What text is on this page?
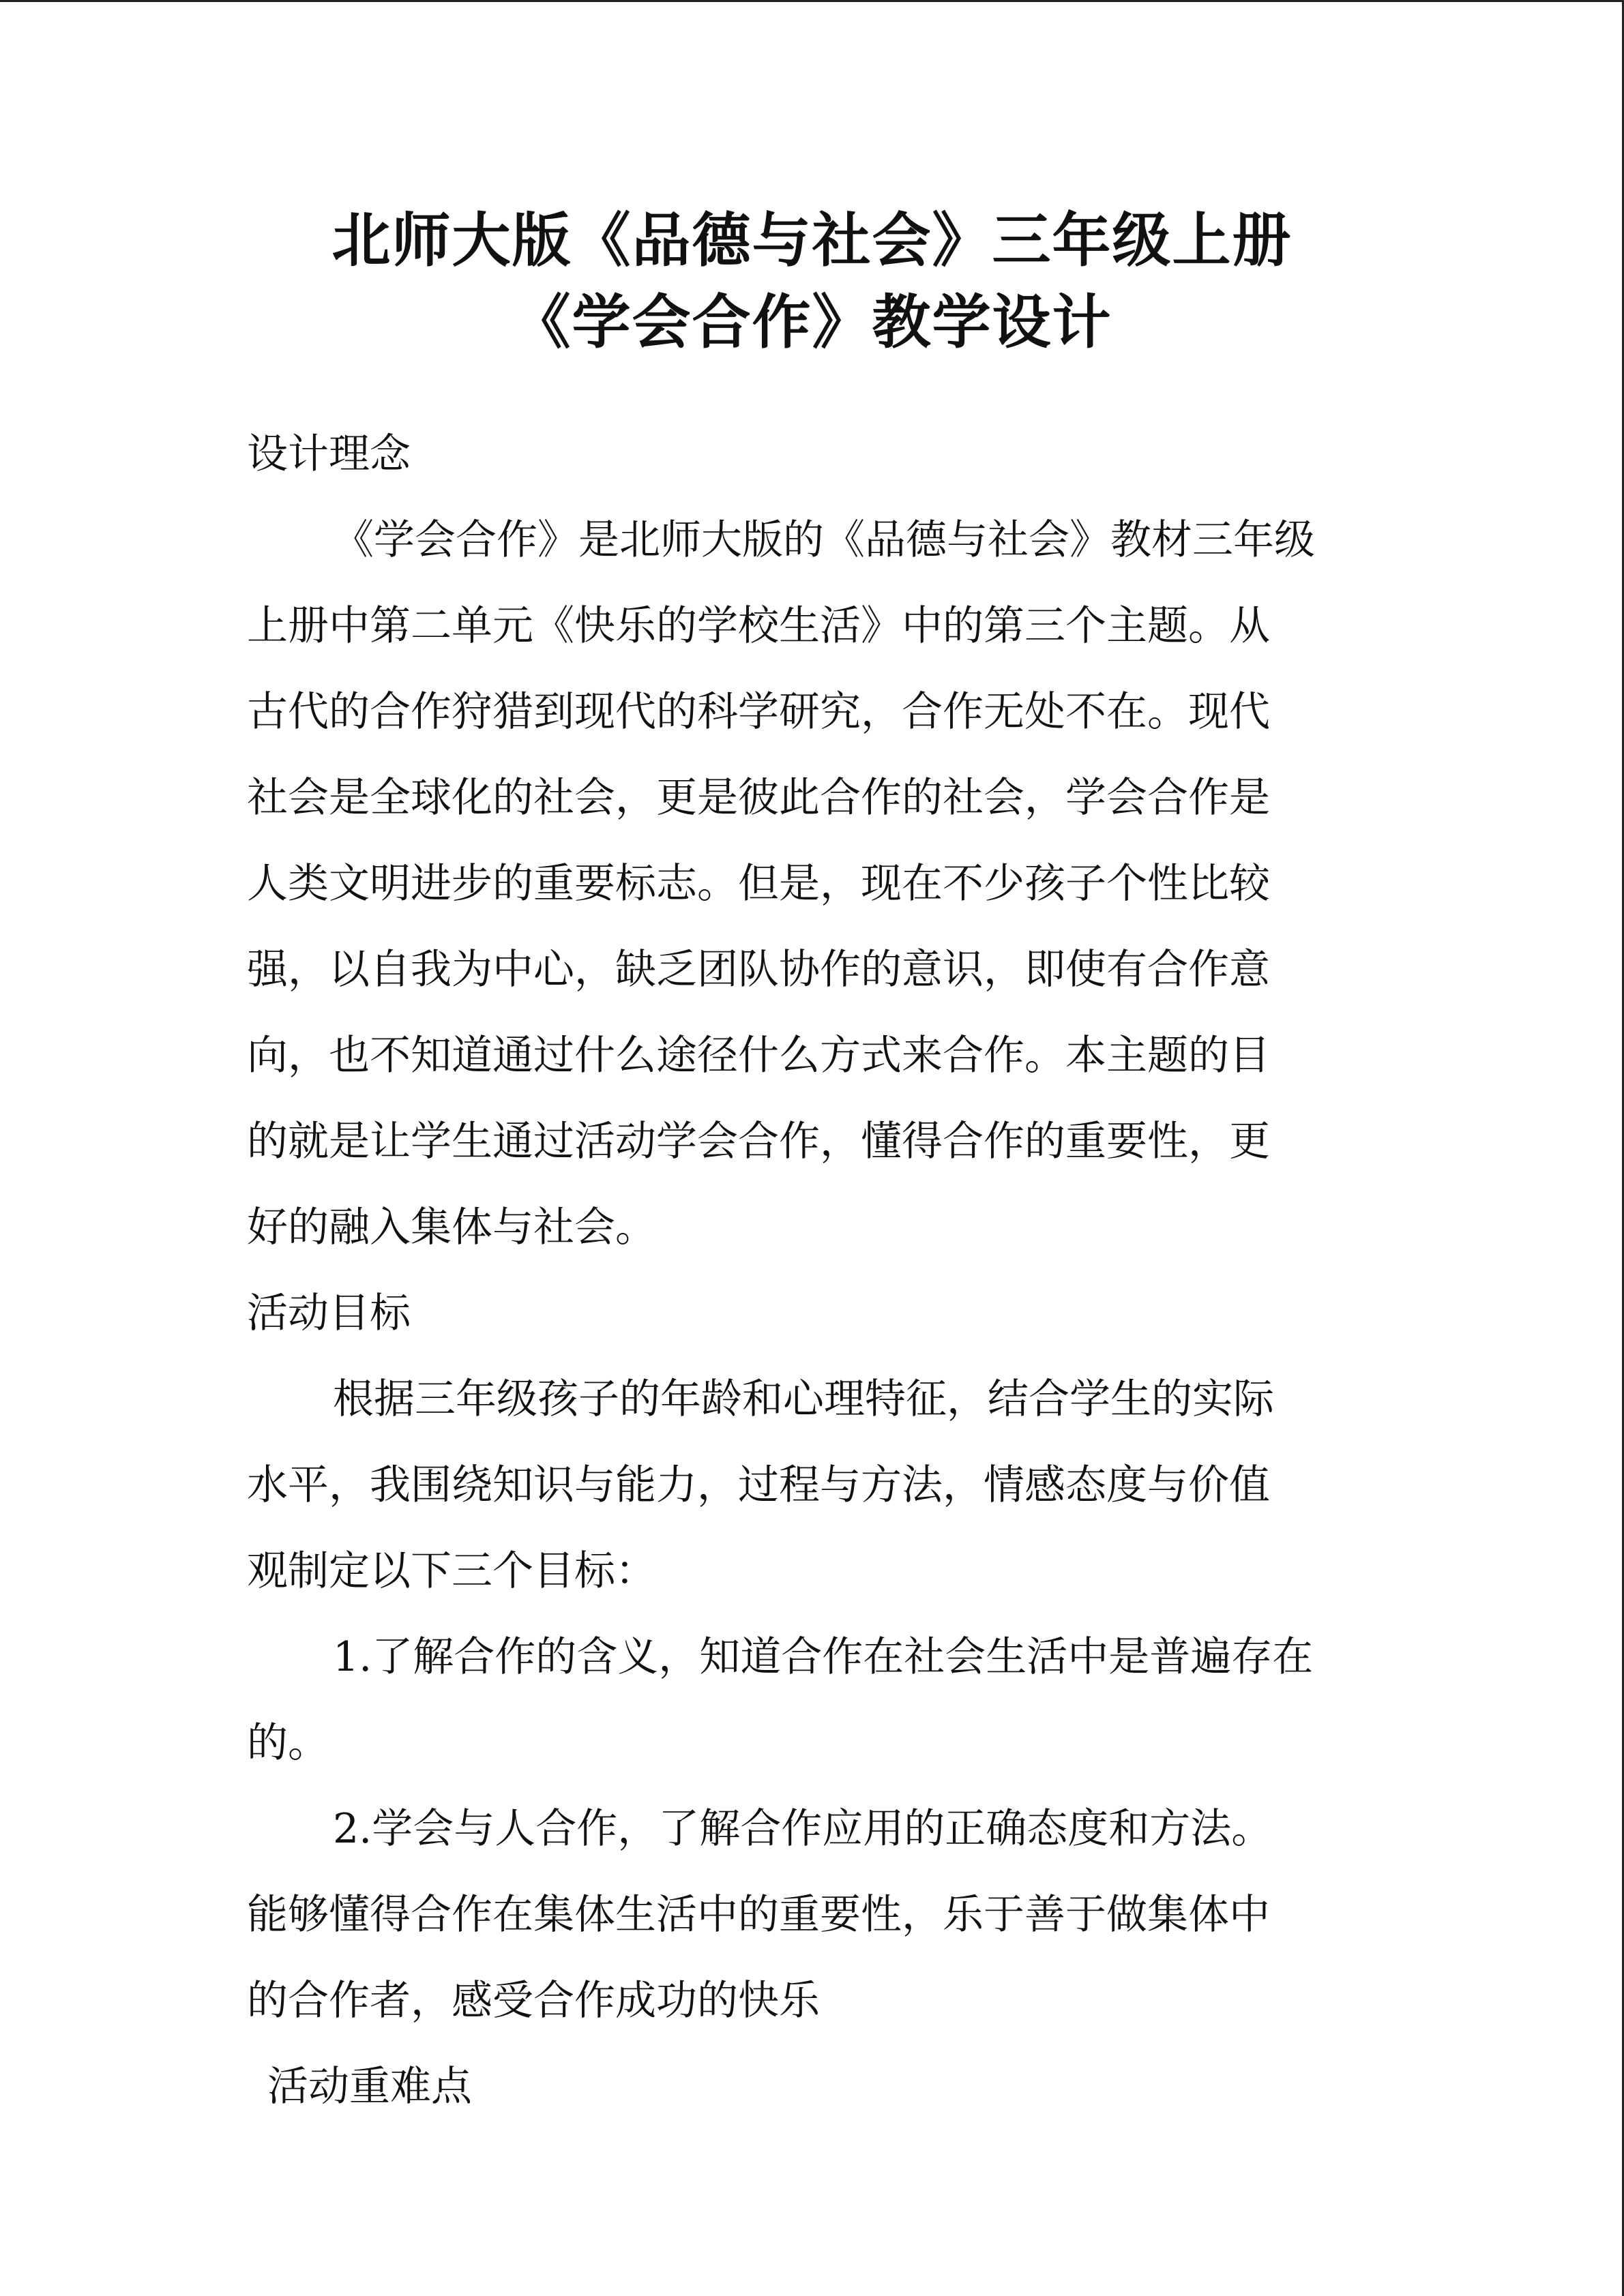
北师大版《品德与社会》三年级上册
《学会合作》教学设计
设计理念
《学会合作》是北师大版的《品德与社会》教材三年级
上册中第二单元《快乐的学校生活》中的第三个主题。从
古代的合作狩猎到现代的科学研究，合作无处不在。现代
社会是全球化的社会，更是彼此合作的社会，学会合作是
人类文明进步的重要标志。但是，现在不少孩子个性比较
强，以自我为中心，缺乏团队协作的意识，即使有合作意
向，也不知道通过什么途径什么方式来合作。本主题的目
的就是让学生通过活动学会合作，懂得合作的重要性，更
好的融入集体与社会。
活动目标
根据三年级孩子的年龄和心理特征，结合学生的实际
水平，我围绕知识与能力，过程与方法，情感态度与价值
观制定以下三个目标：
1.了解合作的含义，知道合作在社会生活中是普遍存在
的。
2.学会与人合作，了解合作应用的正确态度和方法。
能够懂得合作在集体生活中的重要性，乐于善于做集体中
的合作者，感受合作成功的快乐
活动重难点
